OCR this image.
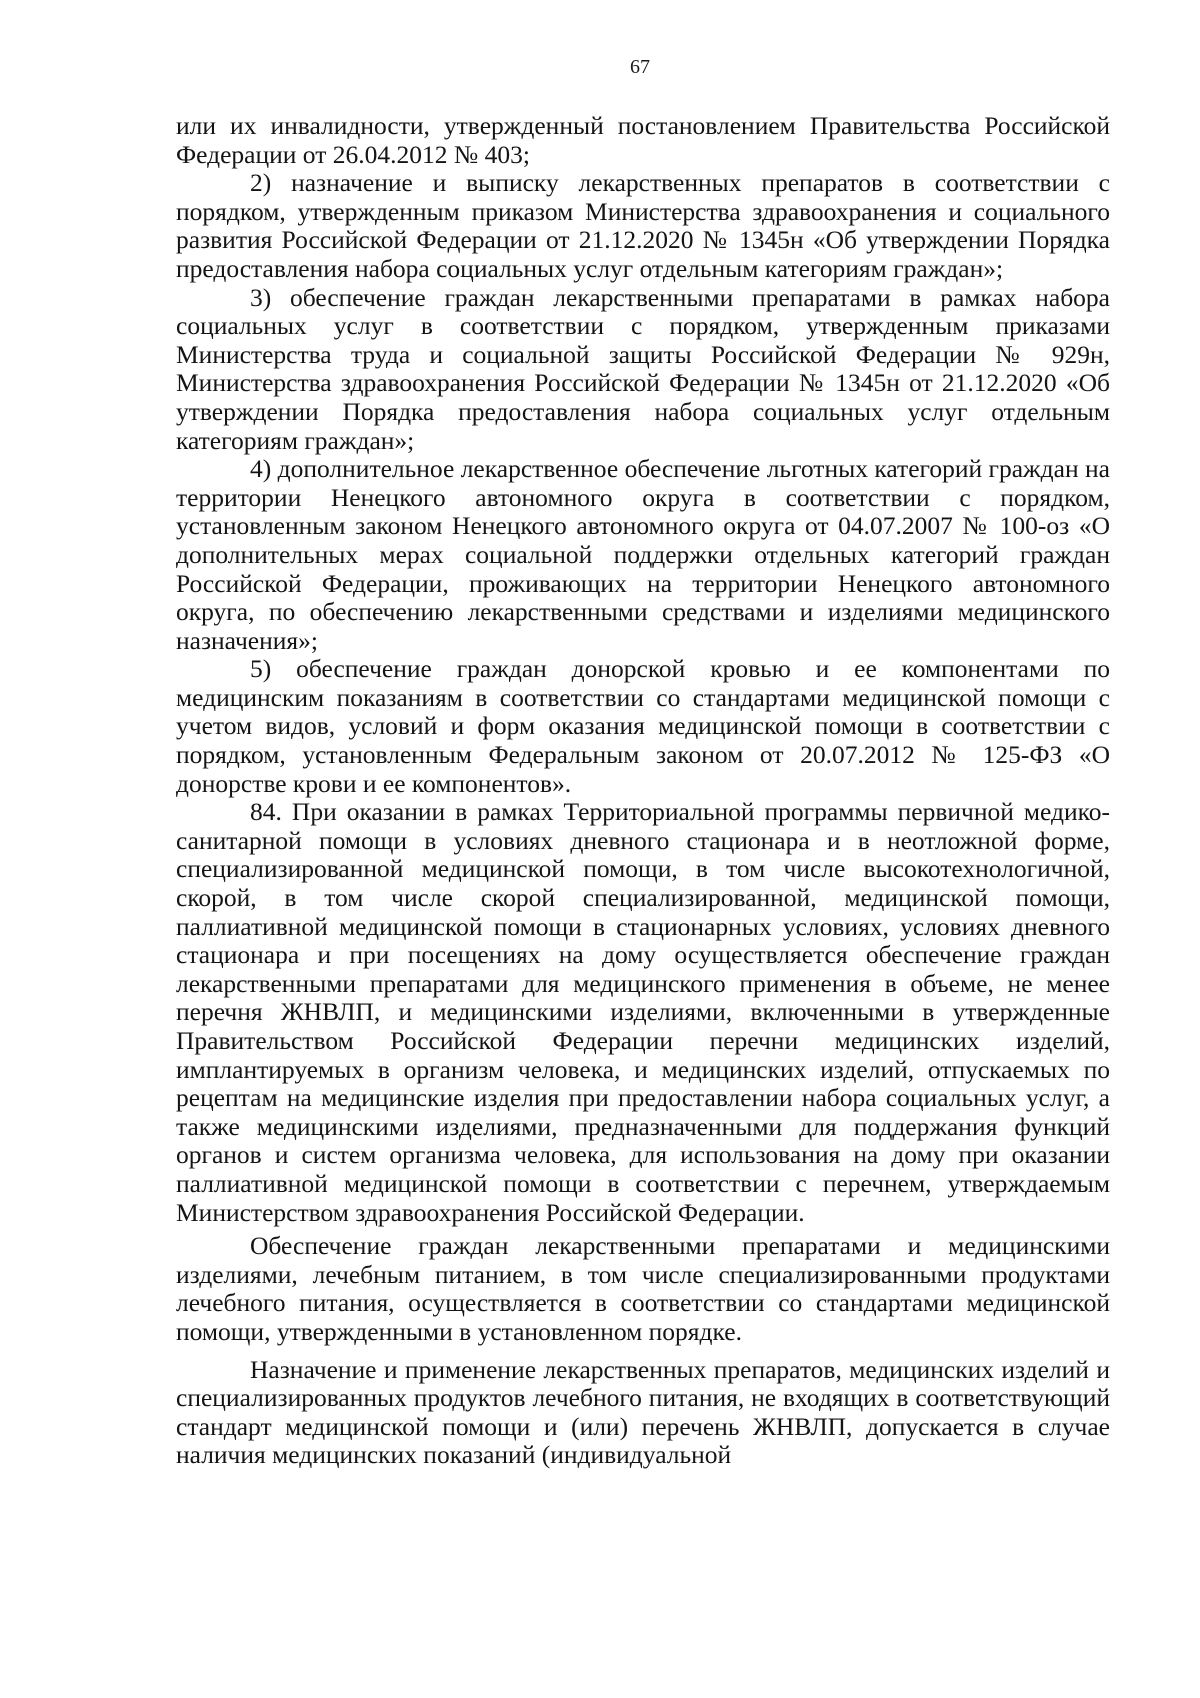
67

или их инвалидности, утвержденный постановлением Правительства Российской Федерации от 26.04.2012 № 403;

2) назначение и выписку лекарственных препаратов в соответствии с порядком, утвержденным приказом Министерства здравоохранения и социального развития Российской Федерации от 21.12.2020 № 1345н «Об утверждении Порядка предоставления набора социальных услуг отдельным категориям граждан»;

3) обеспечение граждан лекарственными препаратами в рамках набора социальных услуг в соответствии с порядком, утвержденным приказами Министерства труда и социальной защиты Российской Федерации № 929н, Министерства здравоохранения Российской Федерации № 1345н от 21.12.2020 «Об утверждении Порядка предоставления набора социальных услуг отдельным категориям граждан»;

4) дополнительное лекарственное обеспечение льготных категорий граждан на территории Ненецкого автономного округа в соответствии с порядком, установленным законом Ненецкого автономного округа от 04.07.2007 № 100-оз «О дополнительных мерах социальной поддержки отдельных категорий граждан Российской Федерации, проживающих на территории Ненецкого автономного округа, по обеспечению лекарственными средствами и изделиями медицинского назначения»;

5) обеспечение граждан донорской кровью и ее компонентами по медицинским показаниям в соответствии со стандартами медицинской помощи с учетом видов, условий и форм оказания медицинской помощи в соответствии с порядком, установленным Федеральным законом от 20.07.2012 № 125-ФЗ «О донорстве крови и ее компонентов».

84. При оказании в рамках Территориальной программы первичной медико-санитарной помощи в условиях дневного стационара и в неотложной форме, специализированной медицинской помощи, в том числе высокотехнологичной, скорой, в том числе скорой специализированной, медицинской помощи, паллиативной медицинской помощи в стационарных условиях, условиях дневного стационара и при посещениях на дому осуществляется обеспечение граждан лекарственными препаратами для медицинского применения в объеме, не менее перечня ЖНВЛП, и медицинскими изделиями, включенными в утвержденные Правительством Российской Федерации перечни медицинских изделий, имплантируемых в организм человека, и медицинских изделий, отпускаемых по рецептам на медицинские изделия при предоставлении набора социальных услуг, а также медицинскими изделиями, предназначенными для поддержания функций органов и систем организма человека, для использования на дому при оказании паллиативной медицинской помощи в соответствии с перечнем, утверждаемым Министерством здравоохранения Российской Федерации.

Обеспечение граждан лекарственными препаратами и медицинскими изделиями, лечебным питанием, в том числе специализированными продуктами лечебного питания, осуществляется в соответствии со стандартами медицинской помощи, утвержденными в установленном порядке.

Назначение и применение лекарственных препаратов, медицинских изделий и специализированных продуктов лечебного питания, не входящих в соответствующий стандарт медицинской помощи и (или) перечень ЖНВЛП, допускается в случае наличия медицинских показаний (индивидуальной
